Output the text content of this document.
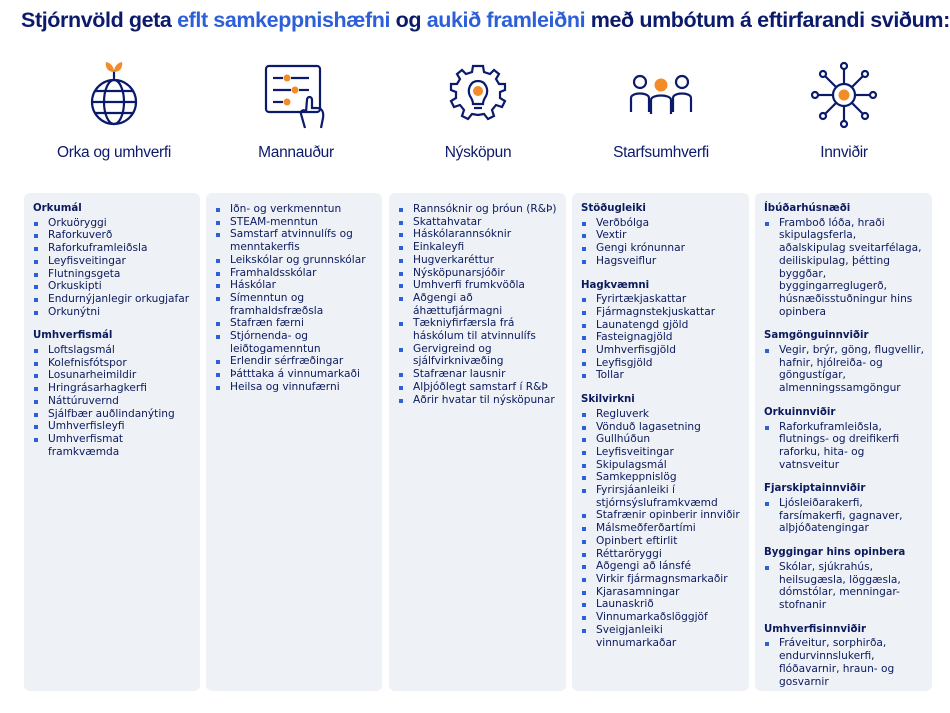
Stjórnvöld geta eflt samkeppnishæfni og aukið framleiðni með umbótum á eftirfarandi sviðum:
Orka og umhverfi	Mannauður	Nýsköpun	Starfsumhverfi	Innviðir
Orkumál
Orkuöryggi
Raforkuverð
Raforkuframleiðsla
Leyfisveitingar
Flutningsgeta
Orkuskipti
Endurnýjanlegir orkugjafar
Orkunýtni
Umhverfismál
Loftslagsmál
Kolefnisfótspor
Losunarheimildir
Hringrásarhagkerfi
Náttúruvernd
Sjálfbær auðlindanýting
Umhverfisleyfi
Umhverfismat framkvæmda
Iðn- og verkmenntun
STEAM-menntun
Samstarf atvinnulífs og menntakerfis
Leikskólar og grunnskólar
Framhaldsskólar
Háskólar
Símenntun og framhaldsfræðsla
Stafræn færni
Stjórnenda- og leiðtogamenntun
Erlendir sérfræðingar
Þátttaka á vinnumarkaði
Heilsa og vinnufærni
Rannsóknir og þróun (R&Þ)
Skattahvatar
Háskólarannsóknir
Einkaleyfi
Hugverkaréttur
Nýsköpunarsjóðir
Umhverfi frumkvöðla
Aðgengi að áhættufjármagni
Tækniyfirfærsla frá háskólum til atvinnulífs
Gervigreind og sjálfvirknivæðing
Stafrænar lausnir
Alþjóðlegt samstarf í R&Þ
Aðrir hvatar til nýsköpunar
Stöðugleiki
Verðbólga
Vextir
Gengi krónunnar
Hagsveiflur
Hagkvæmni
Fyrirtækjaskattar
Fjármagnstekjuskattar
Launatengd gjöld
Fasteignagjöld
Umhverfisgjöld
Leyfisgjöld
Tollar
Skilvirkni
Regluverk
Vönduð lagasetning
Gullhúðun
Leyfisveitingar
Skipulagsmál
Samkeppnislög
Fyrirsjáanleiki í stjórnsýsluframkvæmd
Stafrænir opinberir innviðir
Málsmeðferðartími
Opinbert eftirlit
Réttaröryggi
Aðgengi að lánsfé
Virkir fjármagnsmarkaðir
Kjarasamningar
Launaskrið
Vinnumarkaðslöggjöf
Sveigjanleiki vinnumarkaðar
Íbúðarhúsnæði
Framboð lóða, hraði skipulagsferla, aðalskipulag sveitarfélaga, deiliskipulag, þétting byggðar, byggingarreglugerð, húsnæðisstuðningur hins opinbera
Samgönguinnviðir
Vegir, brýr, göng, flugvellir, hafnir, hjólreiða- og göngustígar, almenningssamgöngur
Orkuinnviðir
Raforkuframleiðsla, flutnings- og dreifikerfi raforku, hita- og vatnsveitur
Fjarskiptainnviðir
Ljósleiðarakerfi, farsímakerfi, gagnaver, alþjóðatengingar
Byggingar hins opinbera
Skólar, sjúkrahús, heilsugæsla, löggæsla, dómstólar, menningar-stofnanir
Umhverfisinnviðir
Fráveitur, sorphirða, endurvinnslukerfi, flóðavarnir, hraun- og gosvarnir
